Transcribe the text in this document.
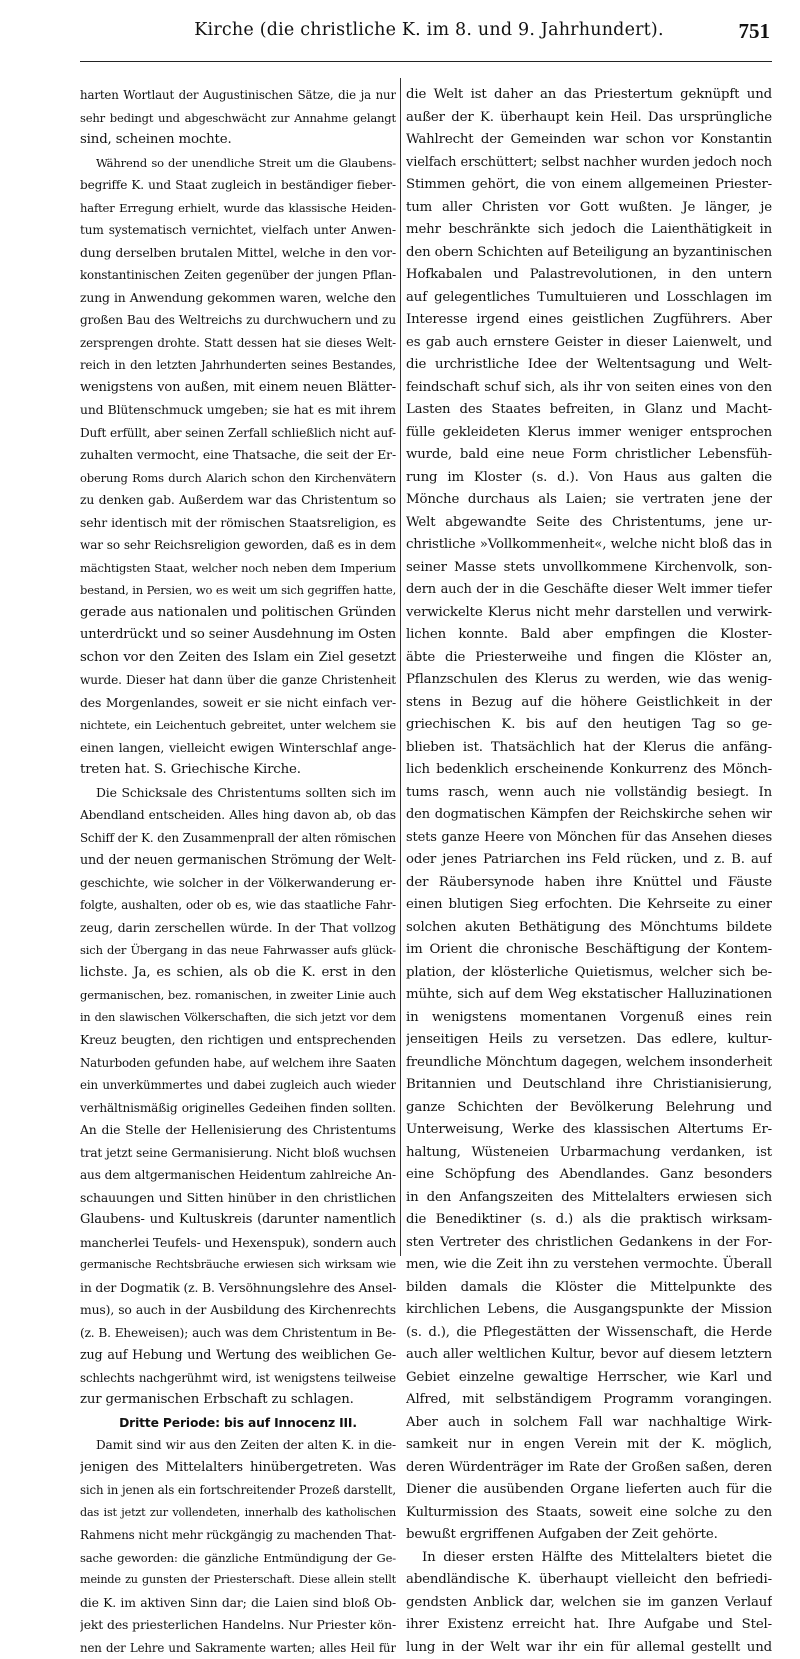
Kirche (die christliche K. im 8. und 9. Jahrhundert).	751
harten Wortlaut der Augustinischen Sätze, die ja nur
sehr bedingt und abgeschwächt zur Annahme gelangt
sind, scheinen mochte.
Während so der unendliche Streit um die Glaubens-
begriffe K. und Staat zugleich in beständiger fieber-
hafter Erregung erhielt, wurde das klassische Heiden-
tum systematisch vernichtet, vielfach unter Anwen-
dung derselben brutalen Mittel, welche in den vor-
konstantinischen Zeiten gegenüber der jungen Pflan-
zung in Anwendung gekommen waren, welche den
großen Bau des Weltreichs zu durchwuchern und zu
zersprengen drohte. Statt dessen hat sie dieses Welt-
reich in den letzten Jahrhunderten seines Bestandes,
wenigstens von außen, mit einem neuen Blätter-
und Blütenschmuck umgeben; sie hat es mit ihrem
Duft erfüllt, aber seinen Zerfall schließlich nicht auf-
zuhalten vermocht, eine Thatsache, die seit der Er-
oberung Roms durch Alarich schon den Kirchenvätern
zu denken gab. Außerdem war das Christentum so
sehr identisch mit der römischen Staatsreligion, es
war so sehr Reichsreligion geworden, daß es in dem
mächtigsten Staat, welcher noch neben dem Imperium
bestand, in Persien, wo es weit um sich gegriffen hatte,
gerade aus nationalen und politischen Gründen
unterdrückt und so seiner Ausdehnung im Osten
schon vor den Zeiten des Islam ein Ziel gesetzt
wurde. Dieser hat dann über die ganze Christenheit
des Morgenlandes, soweit er sie nicht einfach ver-
nichtete, ein Leichentuch gebreitet, unter welchem sie
einen langen, vielleicht ewigen Winterschlaf ange-
treten hat. S. Griechische Kirche.
Die Schicksale des Christentums sollten sich im
Abendland entscheiden. Alles hing davon ab, ob das
Schiff der K. den Zusammenprall der alten römischen
und der neuen germanischen Strömung der Welt-
geschichte, wie solcher in der Völkerwanderung er-
folgte, aushalten, oder ob es, wie das staatliche Fahr-
zeug, darin zerschellen würde. In der That vollzog
sich der Übergang in das neue Fahrwasser aufs glück-
lichste. Ja, es schien, als ob die K. erst in den
germanischen, bez. romanischen, in zweiter Linie auch
in den slawischen Völkerschaften, die sich jetzt vor dem
Kreuz beugten, den richtigen und entsprechenden
Naturboden gefunden habe, auf welchem ihre Saaten
ein unverkümmertes und dabei zugleich auch wieder
verhältnismäßig originelles Gedeihen finden sollten.
An die Stelle der Hellenisierung des Christentums
trat jetzt seine Germanisierung. Nicht bloß wuchsen
aus dem altgermanischen Heidentum zahlreiche An-
schauungen und Sitten hinüber in den christlichen
Glaubens- und Kultuskreis (darunter namentlich
mancherlei Teufels- und Hexenspuk), sondern auch
germanische Rechtsbräuche erwiesen sich wirksam wie
in der Dogmatik (z. B. Versöhnungslehre des Ansel-
mus), so auch in der Ausbildung des Kirchenrechts
(z. B. Eheweisen); auch was dem Christentum in Be-
zug auf Hebung und Wertung des weiblichen Ge-
schlechts nachgerühmt wird, ist wenigstens teilweise
zur germanischen Erbschaft zu schlagen.
Dritte Periode: bis auf Innocenz III.
Damit sind wir aus den Zeiten der alten K. in die-
jenigen des Mittelalters hinübergetreten. Was
sich in jenen als ein fortschreitender Prozeß darstellt,
das ist jetzt zur vollendeten, innerhalb des katholischen
Rahmens nicht mehr rückgängig zu machenden That-
sache geworden: die gänzliche Entmündigung der Ge-
meinde zu gunsten der Priesterschaft. Diese allein stellt
die K. im aktiven Sinn dar; die Laien sind bloß Ob-
jekt des priesterlichen Handelns. Nur Priester kön-
nen der Lehre und Sakramente warten; alles Heil für
die Welt ist daher an das Priestertum geknüpft und
außer der K. überhaupt kein Heil. Das ursprüngliche
Wahlrecht der Gemeinden war schon vor Konstantin
vielfach erschüttert; selbst nachher wurden jedoch noch
Stimmen gehört, die von einem allgemeinen Priester-
tum aller Christen vor Gott wußten. Je länger, je
mehr beschränkte sich jedoch die Laienthätigkeit in
den obern Schichten auf Beteiligung an byzantinischen
Hofkabalen und Palastrevolutionen, in den untern
auf gelegentliches Tumultuieren und Losschlagen im
Interesse irgend eines geistlichen Zugführers. Aber
es gab auch ernstere Geister in dieser Laienwelt, und
die urchristliche Idee der Weltentsagung und Welt-
feindschaft schuf sich, als ihr von seiten eines von den
Lasten des Staates befreiten, in Glanz und Macht-
fülle gekleideten Klerus immer weniger entsprochen
wurde, bald eine neue Form christlicher Lebensfüh-
rung im Kloster (s. d.). Von Haus aus galten die
Mönche durchaus als Laien; sie vertraten jene der
Welt abgewandte Seite des Christentums, jene ur-
christliche »Vollkommenheit«, welche nicht bloß das in
seiner Masse stets unvollkommene Kirchenvolk, son-
dern auch der in die Geschäfte dieser Welt immer tiefer
verwickelte Klerus nicht mehr darstellen und verwirk-
lichen konnte. Bald aber empfingen die Kloster-
äbte die Priesterweihe und fingen die Klöster an,
Pflanzschulen des Klerus zu werden, wie das wenig-
stens in Bezug auf die höhere Geistlichkeit in der
griechischen K. bis auf den heutigen Tag so ge-
blieben ist. Thatsächlich hat der Klerus die anfäng-
lich bedenklich erscheinende Konkurrenz des Mönch-
tums rasch, wenn auch nie vollständig besiegt. In
den dogmatischen Kämpfen der Reichskirche sehen wir
stets ganze Heere von Mönchen für das Ansehen dieses
oder jenes Patriarchen ins Feld rücken, und z. B. auf
der Räubersynode haben ihre Knüttel und Fäuste
einen blutigen Sieg erfochten. Die Kehrseite zu einer
solchen akuten Bethätigung des Mönchtums bildete
im Orient die chronische Beschäftigung der Kontem-
plation, der klösterliche Quietismus, welcher sich be-
mühte, sich auf dem Weg ekstatischer Halluzinationen
in wenigstens momentanen Vorgenuß eines rein
jenseitigen Heils zu versetzen. Das edlere, kultur-
freundliche Mönchtum dagegen, welchem insonderheit
Britannien und Deutschland ihre Christianisierung,
ganze Schichten der Bevölkerung Belehrung und
Unterweisung, Werke des klassischen Altertums Er-
haltung, Wüsteneien Urbarmachung verdanken, ist
eine Schöpfung des Abendlandes. Ganz besonders
in den Anfangszeiten des Mittelalters erwiesen sich
die Benediktiner (s. d.) als die praktisch wirksam-
sten Vertreter des christlichen Gedankens in der For-
men, wie die Zeit ihn zu verstehen vermochte. Überall
bilden damals die Klöster die Mittelpunkte des
kirchlichen Lebens, die Ausgangspunkte der Mission
(s. d.), die Pflegestätten der Wissenschaft, die Herde
auch aller weltlichen Kultur, bevor auf diesem letztern
Gebiet einzelne gewaltige Herrscher, wie Karl und
Alfred, mit selbständigem Programm vorangingen.
Aber auch in solchem Fall war nachhaltige Wirk-
samkeit nur in engen Verein mit der K. möglich,
deren Würdenträger im Rate der Großen saßen, deren
Diener die ausübenden Organe lieferten auch für die
Kulturmission des Staats, soweit eine solche zu den
bewußt ergriffenen Aufgaben der Zeit gehörte.
In dieser ersten Hälfte des Mittelalters bietet die
abendländische K. überhaupt vielleicht den befriedi-
gendsten Anblick dar, welchen sie im ganzen Verlauf
ihrer Existenz erreicht hat. Ihre Aufgabe und Stel-
lung in der Welt war ihr ein für allemal gestellt und
